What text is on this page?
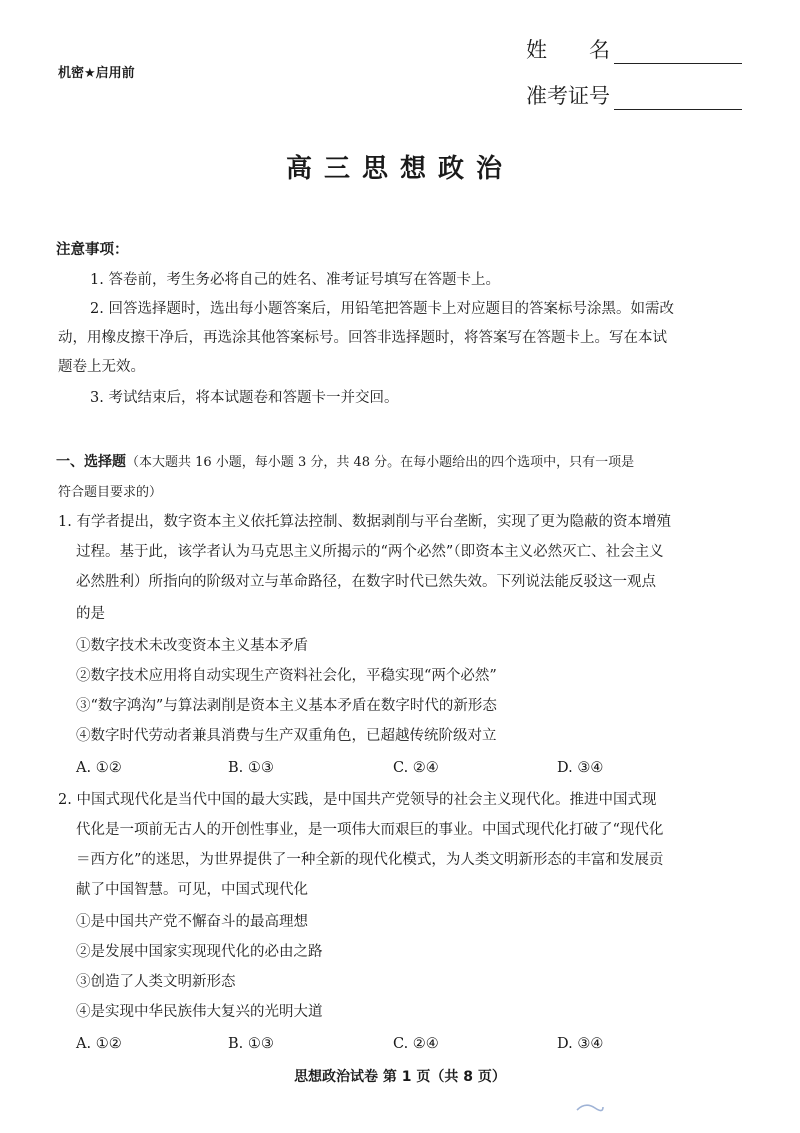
机密★启用前
姓　　名
准考证号
高三思想政治
注意事项：
1. 答卷前，考生务必将自己的姓名、准考证号填写在答题卡上。
2. 回答选择题时，选出每小题答案后，用铅笔把答题卡上对应题目的答案标号涂黑。如需改
动，用橡皮擦干净后，再选涂其他答案标号。回答非选择题时，将答案写在答题卡上。写在本试
题卷上无效。
3. 考试结束后，将本试题卷和答题卡一并交回。
一、选择题（本大题共 16 小题，每小题 3 分，共 48 分。在每小题给出的四个选项中，只有一项是
符合题目要求的）
1. 有学者提出，数字资本主义依托算法控制、数据剥削与平台垄断，实现了更为隐蔽的资本增殖
过程。基于此，该学者认为马克思主义所揭示的“两个必然”（即资本主义必然灭亡、社会主义
必然胜利）所指向的阶级对立与革命路径，在数字时代已然失效。下列说法能反驳这一观点
的是
①数字技术未改变资本主义基本矛盾
②数字技术应用将自动实现生产资料社会化，平稳实现“两个必然”
③“数字鸿沟”与算法剥削是资本主义基本矛盾在数字时代的新形态
④数字时代劳动者兼具消费与生产双重角色，已超越传统阶级对立
A. ①②	B. ①③	C. ②④	D. ③④
2. 中国式现代化是当代中国的最大实践，是中国共产党领导的社会主义现代化。推进中国式现
代化是一项前无古人的开创性事业，是一项伟大而艰巨的事业。中国式现代化打破了“现代化
＝西方化”的迷思，为世界提供了一种全新的现代化模式，为人类文明新形态的丰富和发展贡
献了中国智慧。可见，中国式现代化
①是中国共产党不懈奋斗的最高理想
②是发展中国家实现现代化的必由之路
③创造了人类文明新形态
④是实现中华民族伟大复兴的光明大道
A. ①②	B. ①③	C. ②④	D. ③④
思想政治试卷 第 1 页（共 8 页）
